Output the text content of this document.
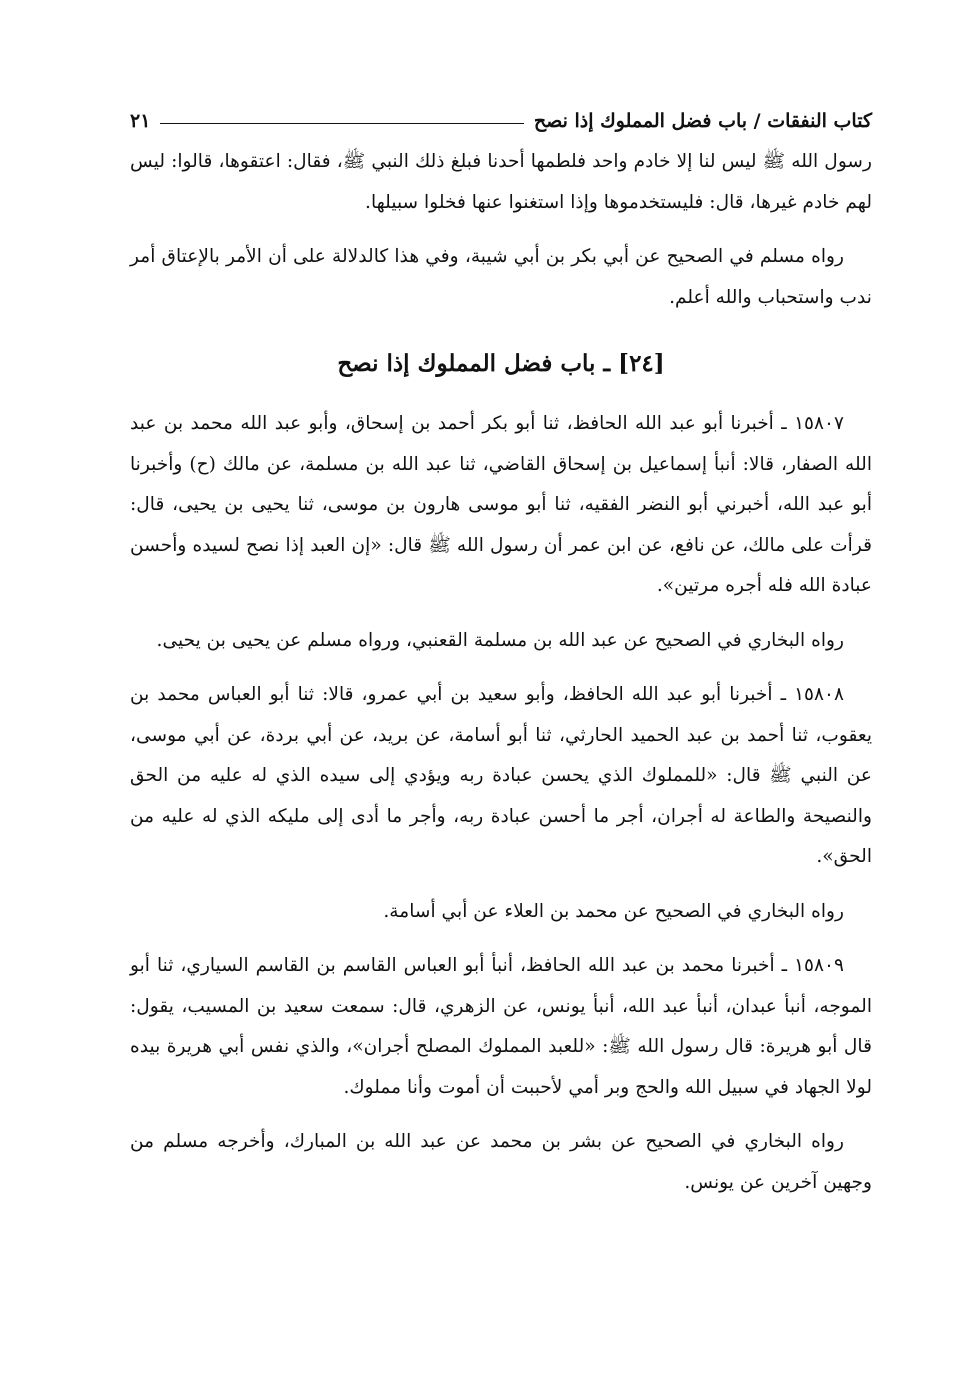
كتاب النفقات / باب فضل المملوك إذا نصح
٢١

رسول الله ﷺ ليس لنا إلا خادم واحد فلطمها أحدنا فبلغ ذلك النبي ﷺ، فقال: اعتقوها، قالوا: ليس لهم خادم غيرها، قال: فليستخدموها وإذا استغنوا عنها فخلوا سبيلها.

رواه مسلم في الصحيح عن أبي بكر بن أبي شيبة، وفي هذا كالدلالة على أن الأمر بالإعتاق أمر ندب واستحباب والله أعلم.

[٢٤] ـ باب فضل المملوك إذا نصح

١٥٨٠٧ ـ أخبرنا أبو عبد الله الحافظ، ثنا أبو بكر أحمد بن إسحاق، وأبو عبد الله محمد بن عبد الله الصفار، قالا: أنبأ إسماعيل بن إسحاق القاضي، ثنا عبد الله بن مسلمة، عن مالك (ح) وأخبرنا أبو عبد الله، أخبرني أبو النضر الفقيه، ثنا أبو موسى هارون بن موسى، ثنا يحيى بن يحيى، قال: قرأت على مالك، عن نافع، عن ابن عمر أن رسول الله ﷺ قال: «إن العبد إذا نصح لسيده وأحسن عبادة الله فله أجره مرتين».

رواه البخاري في الصحيح عن عبد الله بن مسلمة القعنبي، ورواه مسلم عن يحيى بن يحيى.

١٥٨٠٨ ـ أخبرنا أبو عبد الله الحافظ، وأبو سعيد بن أبي عمرو، قالا: ثنا أبو العباس محمد بن يعقوب، ثنا أحمد بن عبد الحميد الحارثي، ثنا أبو أسامة، عن بريد، عن أبي بردة، عن أبي موسى، عن النبي ﷺ قال: «للمملوك الذي يحسن عبادة ربه ويؤدي إلى سيده الذي له عليه من الحق والنصيحة والطاعة له أجران، أجر ما أحسن عبادة ربه، وأجر ما أدى إلى مليكه الذي له عليه من الحق».

رواه البخاري في الصحيح عن محمد بن العلاء عن أبي أسامة.

١٥٨٠٩ ـ أخبرنا محمد بن عبد الله الحافظ، أنبأ أبو العباس القاسم بن القاسم السياري، ثنا أبو الموجه، أنبأ عبدان، أنبأ عبد الله، أنبأ يونس، عن الزهري، قال: سمعت سعيد بن المسيب، يقول: قال أبو هريرة: قال رسول الله ﷺ: «للعبد المملوك المصلح أجران»، والذي نفس أبي هريرة بيده لولا الجهاد في سبيل الله والحج وبر أمي لأحببت أن أموت وأنا مملوك.

رواه البخاري في الصحيح عن بشر بن محمد عن عبد الله بن المبارك، وأخرجه مسلم من وجهين آخرين عن يونس.
